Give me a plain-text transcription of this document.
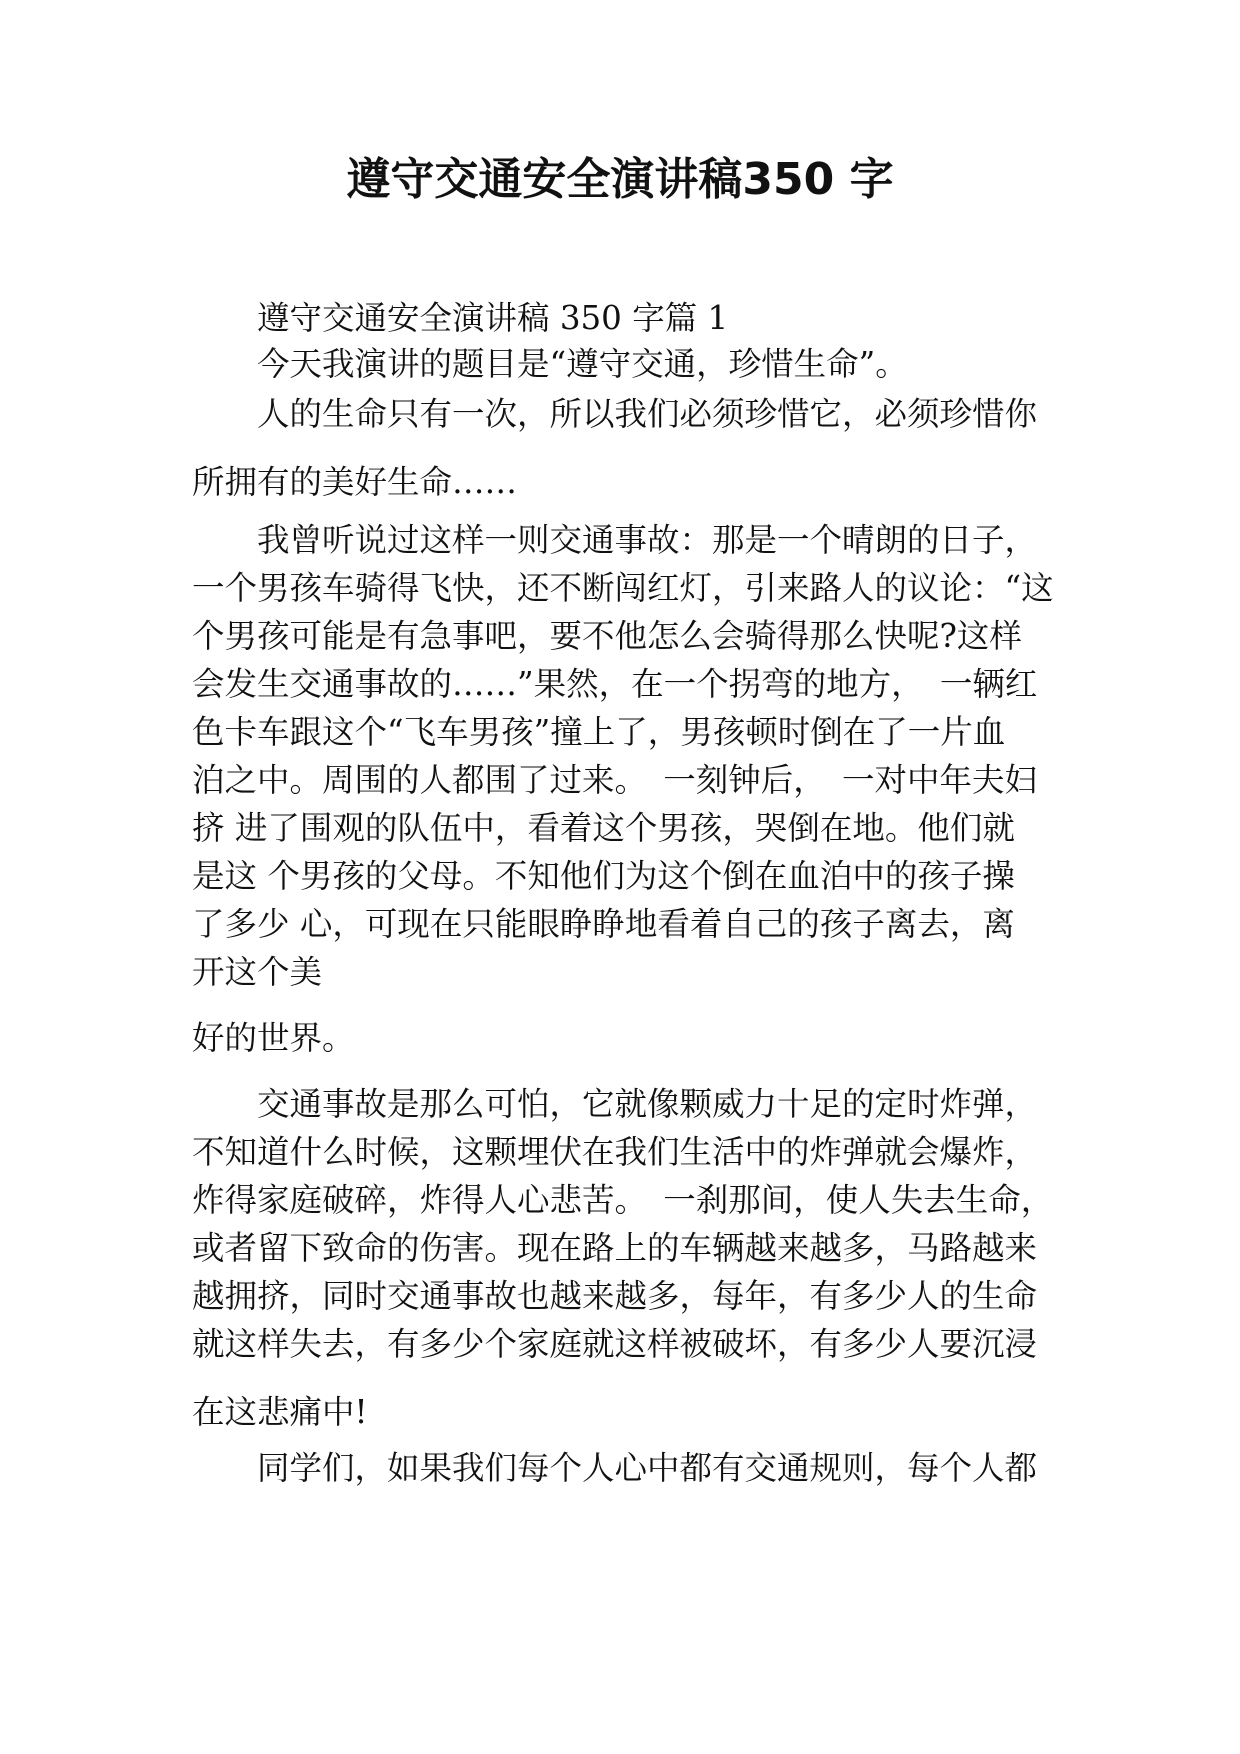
遵守交通安全演讲稿350 字

遵守交通安全演讲稿 350 字篇 1

今天我演讲的题目是“遵守交通，珍惜生命”。

人的生命只有一次，所以我们必须珍惜它，必须珍惜你

所拥有的美好生命……

我曾听说过这样一则交通事故：那是一个晴朗的日子，

一个男孩车骑得飞快，还不断闯红灯，引来路人的议论：“这

个男孩可能是有急事吧，要不他怎么会骑得那么快呢?这样

会发生交通事故的……”果然，在一个拐弯的地方，　一辆红

色卡车跟这个“飞车男孩”撞上了，男孩顿时倒在了一片血

泊之中。周围的人都围了过来。　一刻钟后，　一对中年夫妇

挤 进了围观的队伍中，看着这个男孩，哭倒在地。他们就

是这 个男孩的父母。不知他们为这个倒在血泊中的孩子操

了多少 心，可现在只能眼睁睁地看着自己的孩子离去，离

开这个美

好的世界。

交通事故是那么可怕，它就像颗威力十足的定时炸弹，

不知道什么时候，这颗埋伏在我们生活中的炸弹就会爆炸，

炸得家庭破碎，炸得人心悲苦。　一刹那间，使人失去生命，

或者留下致命的伤害。现在路上的车辆越来越多，马路越来

越拥挤，同时交通事故也越来越多，每年，有多少人的生命

就这样失去，有多少个家庭就这样被破坏，有多少人要沉浸

在这悲痛中!

同学们，如果我们每个人心中都有交通规则，每个人都
